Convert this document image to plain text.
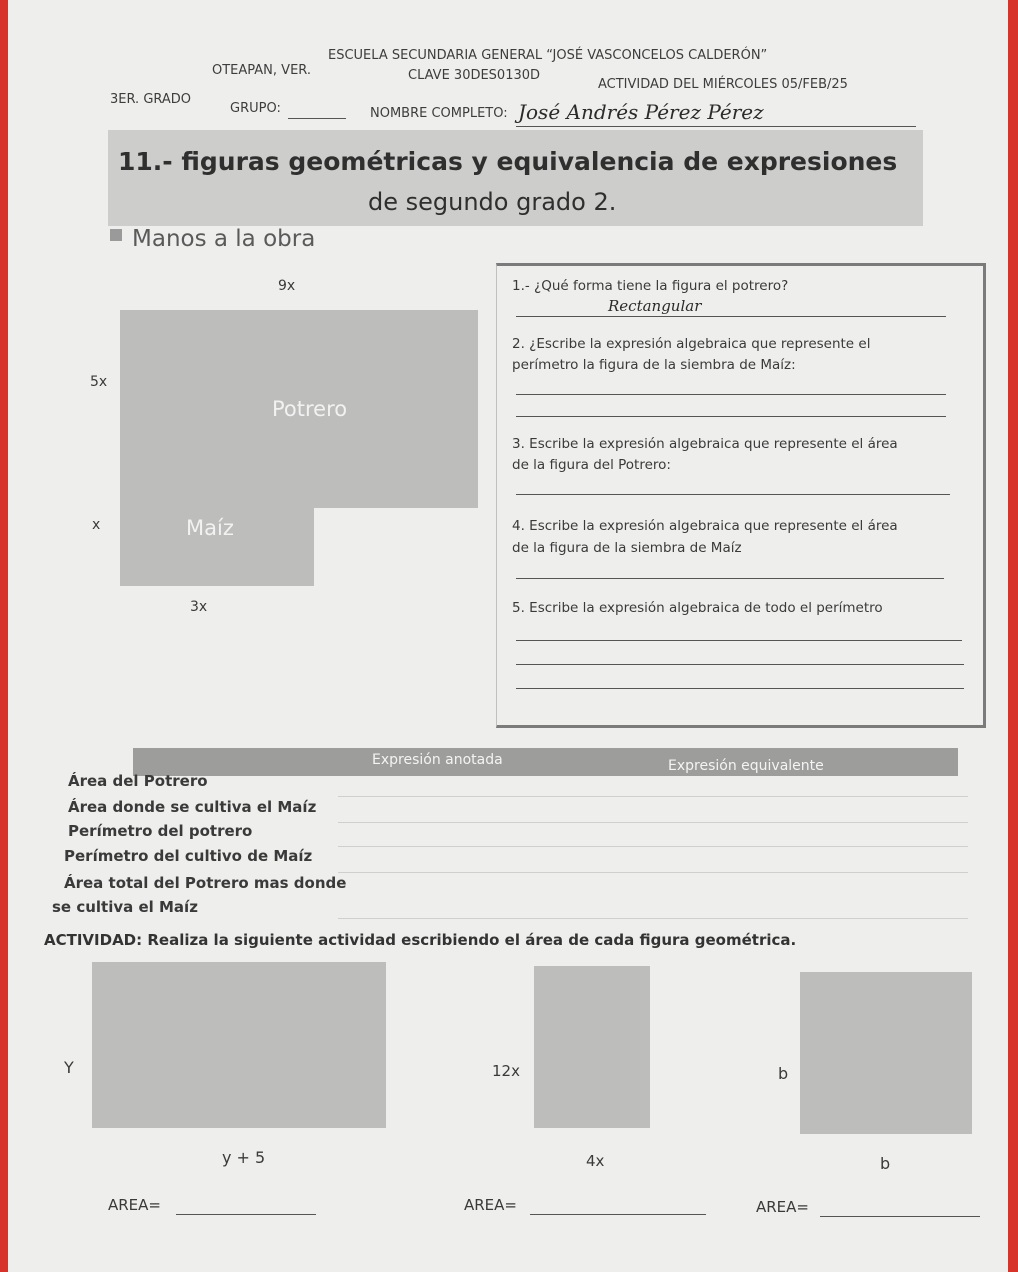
ESCUELA SECUNDARIA GENERAL “JOSÉ VASCONCELOS CALDERÓN”
OTEAPAN, VER.	CLAVE 30DES0130D
ACTIVIDAD DEL MIÉRCOLES 05/FEB/25
3ER. GRADO
GRUPO:	NOMBRE COMPLETO: José Andrés Pérez Pérez
11.- figuras geométricas y equivalencia de expresiones
de segundo grado 2.
Manos a la obra
9x
Potrero
Maíz
5x
x
3x
1.- ¿Qué forma tiene la figura el potrero?
Rectangular
2. ¿Escribe la expresión algebraica que represente el
perímetro la figura de la siembra de Maíz:
3. Escribe la expresión algebraica que represente el área
de la figura del Potrero:
4. Escribe la expresión algebraica que represente el área
de la figura de la siembra de Maíz
5. Escribe la expresión algebraica de todo el perímetro
Expresión anotada	Expresión equivalente
Área del Potrero
Área donde se cultiva el Maíz
Perímetro del potrero
Perímetro del cultivo de Maíz
Área total del Potrero mas donde
se cultiva el Maíz
ACTIVIDAD: Realiza la siguiente actividad escribiendo el área de cada figura geométrica.
Y
y + 5
12x
4x
b
b
AREA=	AREA=	AREA=
